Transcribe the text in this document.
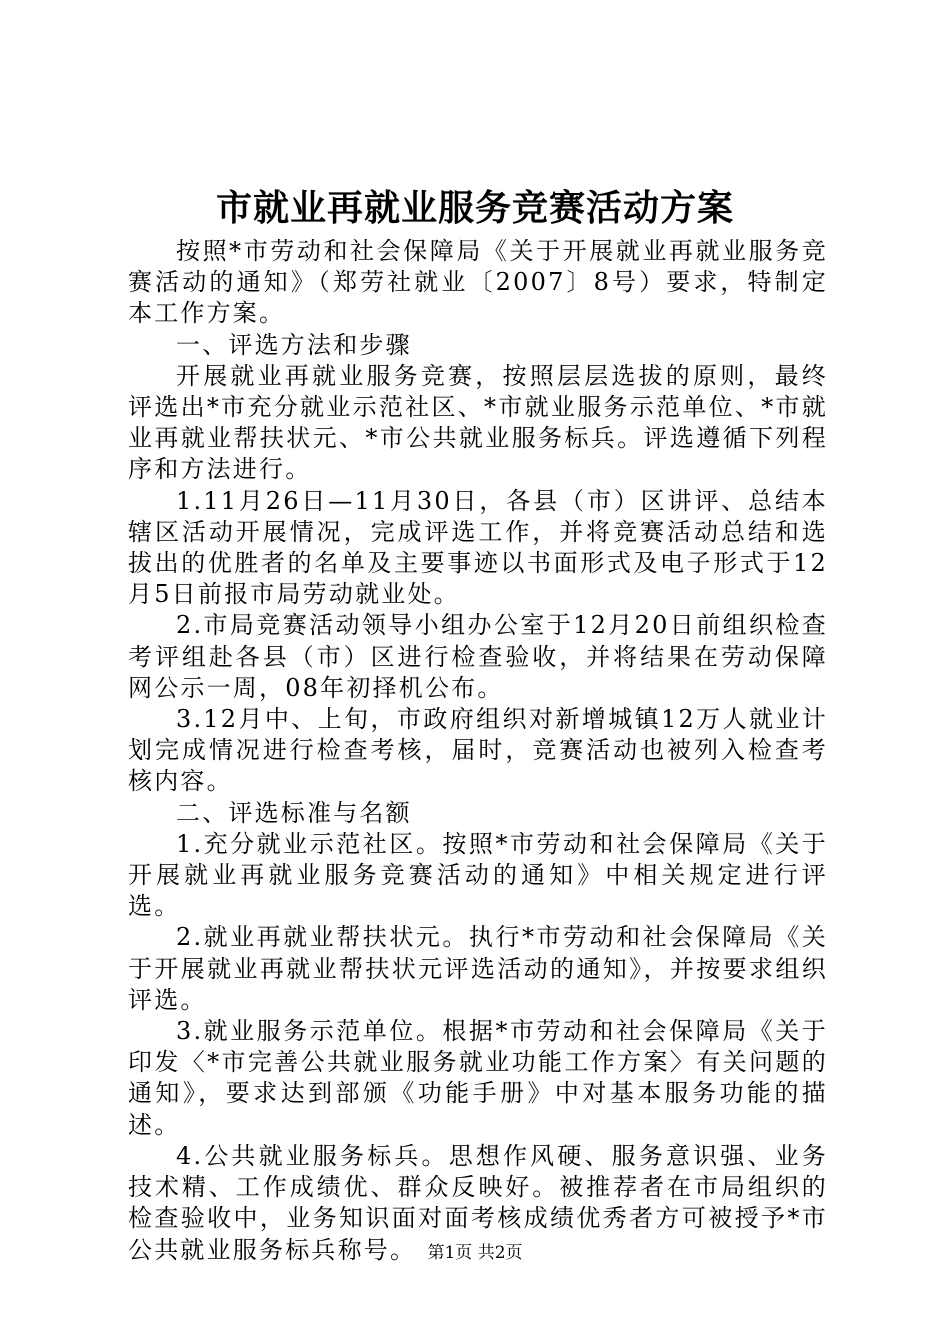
市就业再就业服务竞赛活动方案

按照*市劳动和社会保障局《关于开展就业再就业服务竞赛活动的通知》（郑劳社就业〔2007〕8号）要求，特制定本工作方案。

一、评选方法和步骤

开展就业再就业服务竞赛，按照层层选拔的原则，最终评选出*市充分就业示范社区、*市就业服务示范单位、*市就业再就业帮扶状元、*市公共就业服务标兵。评选遵循下列程序和方法进行。

1.11月26日—11月30日，各县（市）区讲评、总结本辖区活动开展情况，完成评选工作，并将竞赛活动总结和选拔出的优胜者的名单及主要事迹以书面形式及电子形式于12月5日前报市局劳动就业处。

2.市局竞赛活动领导小组办公室于12月20日前组织检查考评组赴各县（市）区进行检查验收，并将结果在劳动保障网公示一周，08年初择机公布。

3.12月中、上旬，市政府组织对新增城镇12万人就业计划完成情况进行检查考核，届时，竞赛活动也被列入检查考核内容。

二、评选标准与名额

1.充分就业示范社区。按照*市劳动和社会保障局《关于开展就业再就业服务竞赛活动的通知》中相关规定进行评选。

2.就业再就业帮扶状元。执行*市劳动和社会保障局《关于开展就业再就业帮扶状元评选活动的通知》，并按要求组织评选。

3.就业服务示范单位。根据*市劳动和社会保障局《关于印发〈*市完善公共就业服务就业功能工作方案〉有关问题的通知》，要求达到部颁《功能手册》中对基本服务功能的描述。

4.公共就业服务标兵。思想作风硬、服务意识强、业务技术精、工作成绩优、群众反映好。被推荐者在市局组织的检查验收中，业务知识面对面考核成绩优秀者方可被授予*市公共就业服务标兵称号。 第1页 共2页
